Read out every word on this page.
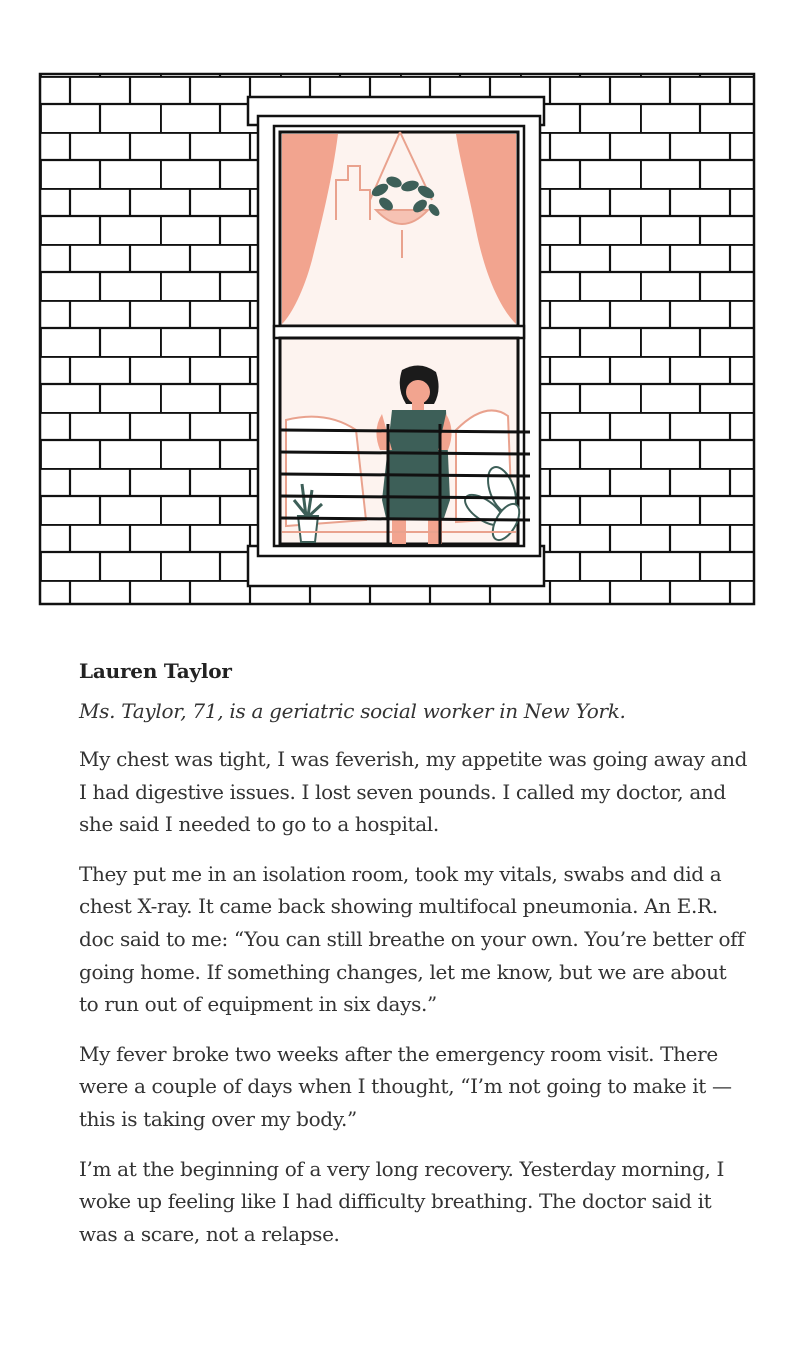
Lauren Taylor
Ms. Taylor, 71, is a geriatric social worker in New York.

My chest was tight, I was feverish, my appetite was going away and I had digestive issues. I lost seven pounds. I called my doctor, and she said I needed to go to a hospital.

They put me in an isolation room, took my vitals, swabs and did a chest X-ray. It came back showing multifocal pneumonia. An E.R. doc said to me: “You can still breathe on your own. You’re better off going home. If something changes, let me know, but we are about to run out of equipment in six days.”

My fever broke two weeks after the emergency room visit. There were a couple of days when I thought, “I’m not going to make it — this is taking over my body.”

I’m at the beginning of a very long recovery. Yesterday morning, I woke up feeling like I had difficulty breathing. The doctor said it was a scare, not a relapse.
